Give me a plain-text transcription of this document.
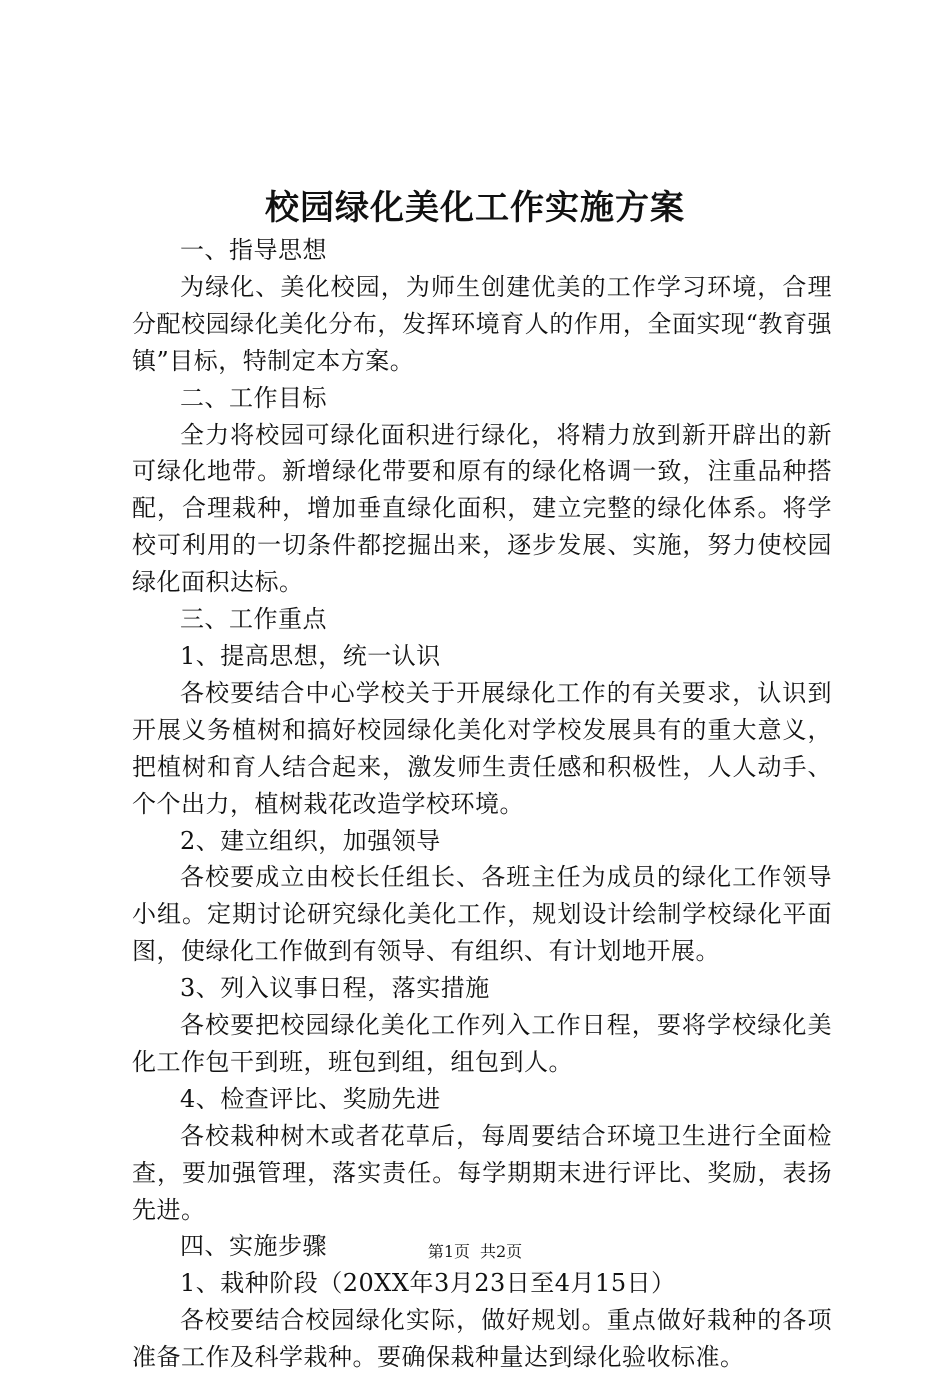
校园绿化美化工作实施方案

一、指导思想

为绿化、美化校园，为师生创建优美的工作学习环境，合理分配校园绿化美化分布，发挥环境育人的作用，全面实现“教育强镇”目标，特制定本方案。

二、工作目标

全力将校园可绿化面积进行绿化，将精力放到新开辟出的新可绿化地带。新增绿化带要和原有的绿化格调一致，注重品种搭配，合理栽种，增加垂直绿化面积，建立完整的绿化体系。将学校可利用的一切条件都挖掘出来，逐步发展、实施，努力使校园绿化面积达标。

三、工作重点

1、提高思想，统一认识

各校要结合中心学校关于开展绿化工作的有关要求，认识到开展义务植树和搞好校园绿化美化对学校发展具有的重大意义，把植树和育人结合起来，激发师生责任感和积极性，人人动手、个个出力，植树栽花改造学校环境。

2、建立组织，加强领导

各校要成立由校长任组长、各班主任为成员的绿化工作领导小组。定期讨论研究绿化美化工作，规划设计绘制学校绿化平面图，使绿化工作做到有领导、有组织、有计划地开展。

3、列入议事日程，落实措施

各校要把校园绿化美化工作列入工作日程，要将学校绿化美化工作包干到班，班包到组，组包到人。

4、检查评比、奖励先进

各校栽种树木或者花草后，每周要结合环境卫生进行全面检查，要加强管理，落实责任。每学期期末进行评比、奖励，表扬先进。

四、实施步骤

1、栽种阶段（20XX年3月23日至4月15日）

各校要结合校园绿化实际，做好规划。重点做好栽种的各项准备工作及科学栽种。要确保栽种量达到绿化验收标准。

第1页 共2页
